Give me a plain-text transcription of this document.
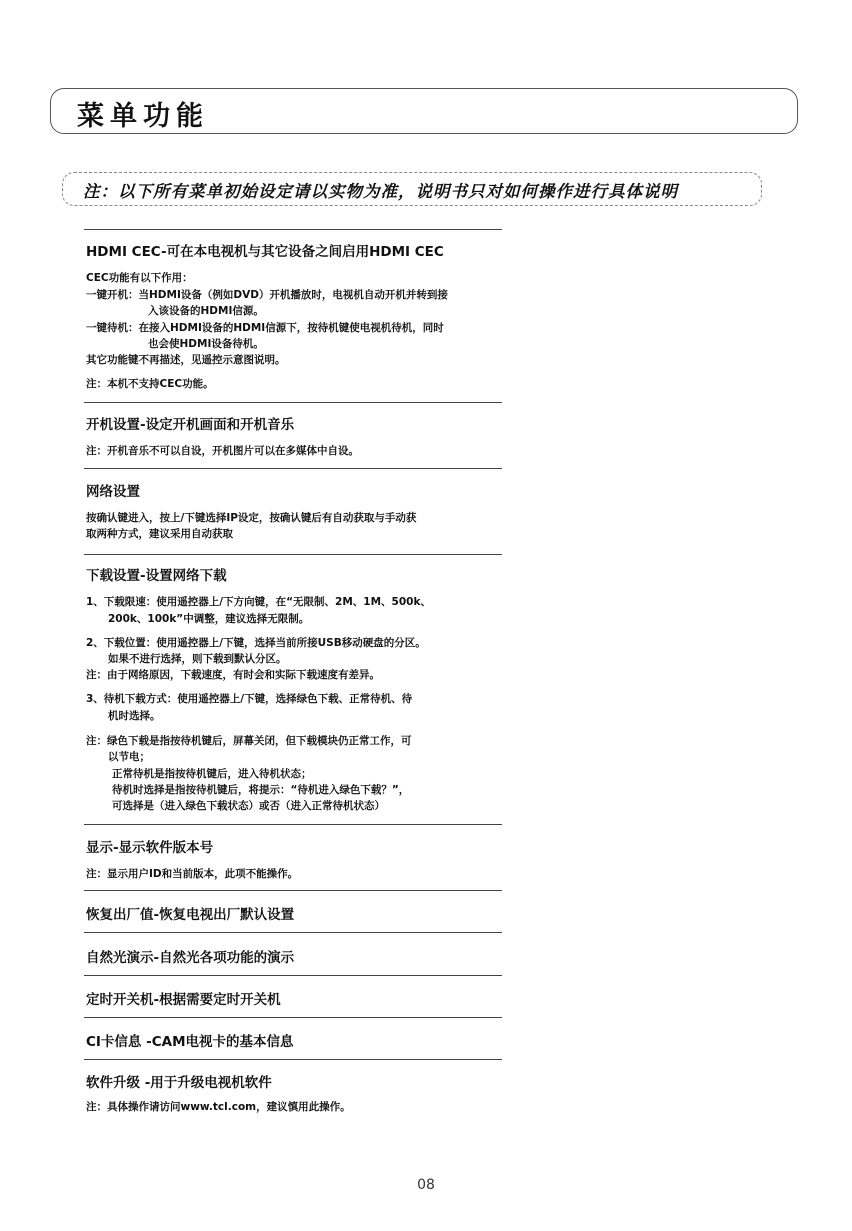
菜单功能
注：以下所有菜单初始设定请以实物为准，说明书只对如何操作进行具体说明
HDMI CEC-可在本电视机与其它设备之间启用HDMI CEC
CEC功能有以下作用：
一键开机：当HDMI设备（例如DVD）开机播放时，电视机自动开机并转到接
入该设备的HDMI信源。
一键待机：在接入HDMI设备的HDMI信源下，按待机键使电视机待机，同时
也会使HDMI设备待机。
其它功能键不再描述，见遥控示意图说明。
注：本机不支持CEC功能。
开机设置-设定开机画面和开机音乐
注：开机音乐不可以自设，开机图片可以在多媒体中自设。
网络设置
按确认键进入，按上/下键选择IP设定，按确认键后有自动获取与手动获
取两种方式，建议采用自动获取
下载设置-设置网络下载
1、下载限速：使用遥控器上/下方向键，在“无限制、2M、1M、500k、
200k、100k”中调整，建议选择无限制。
2、下载位置：使用遥控器上/下键，选择当前所接USB移动硬盘的分区。
如果不进行选择，则下载到默认分区。
注：由于网络原因，下载速度，有时会和实际下载速度有差异。
3、待机下载方式：使用遥控器上/下键，选择绿色下载、正常待机、待
机时选择。
注：绿色下载是指按待机键后，屏幕关闭，但下载模块仍正常工作，可
以节电；
正常待机是指按待机键后，进入待机状态；
待机时选择是指按待机键后，将提示：“待机进入绿色下载？”，
可选择是（进入绿色下载状态）或否（进入正常待机状态）
显示-显示软件版本号
注：显示用户ID和当前版本，此项不能操作。
恢复出厂值-恢复电视出厂默认设置
自然光演示-自然光各项功能的演示
定时开关机-根据需要定时开关机
CI卡信息 -CAM电视卡的基本信息
软件升级 -用于升级电视机软件
注：具体操作请访问www.tcl.com，建议慎用此操作。
08
